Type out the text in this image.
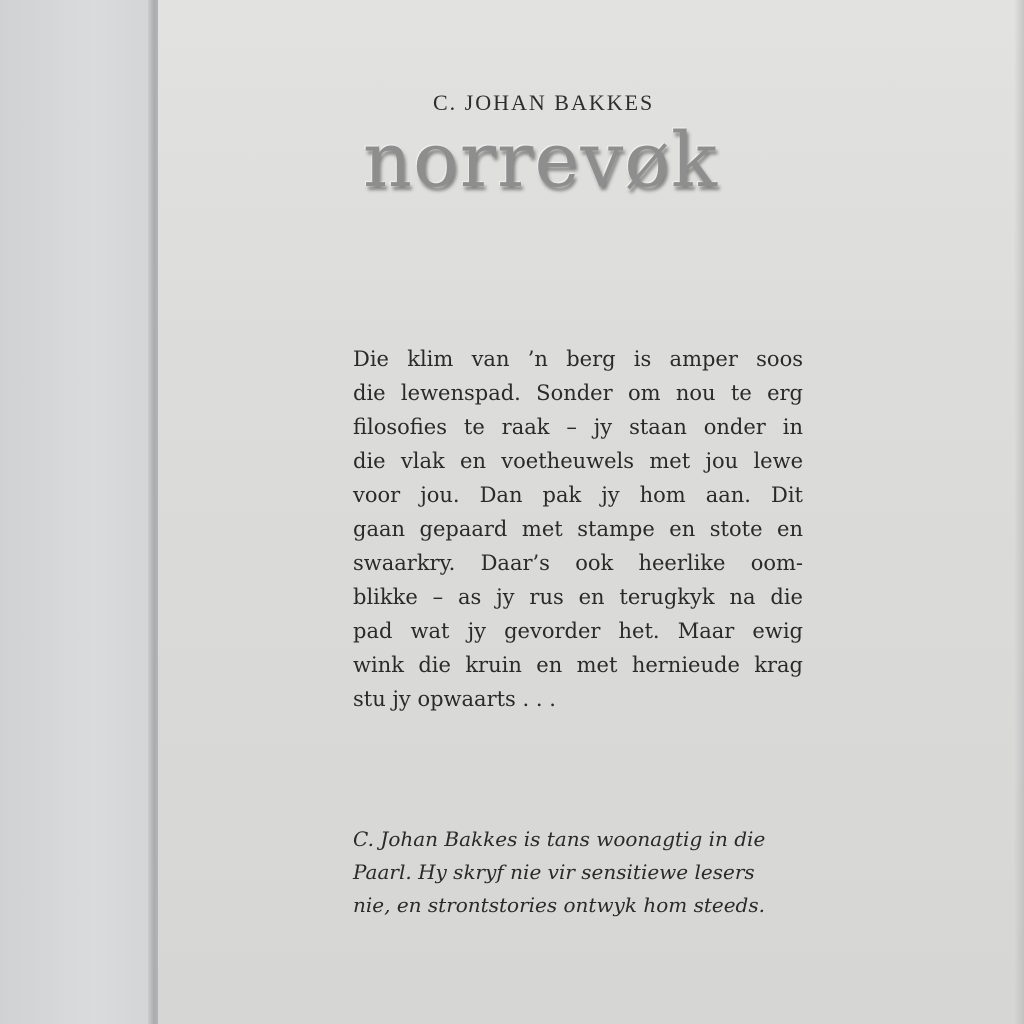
C. JOHAN BAKKES
norrevøk
Die klim van ’n berg is amper soos
die lewenspad. Sonder om nou te erg
filosofies te raak – jy staan onder in
die vlak en voetheuwels met jou lewe
voor jou. Dan pak jy hom aan. Dit
gaan gepaard met stampe en stote en
swaarkry. Daar’s ook heerlike oom-
blikke – as jy rus en terugkyk na die
pad wat jy gevorder het. Maar ewig
wink die kruin en met hernieude krag
stu jy opwaarts . . .
C. Johan Bakkes is tans woonagtig in die
Paarl. Hy skryf nie vir sensitiewe lesers
nie, en strontstories ontwyk hom steeds.
